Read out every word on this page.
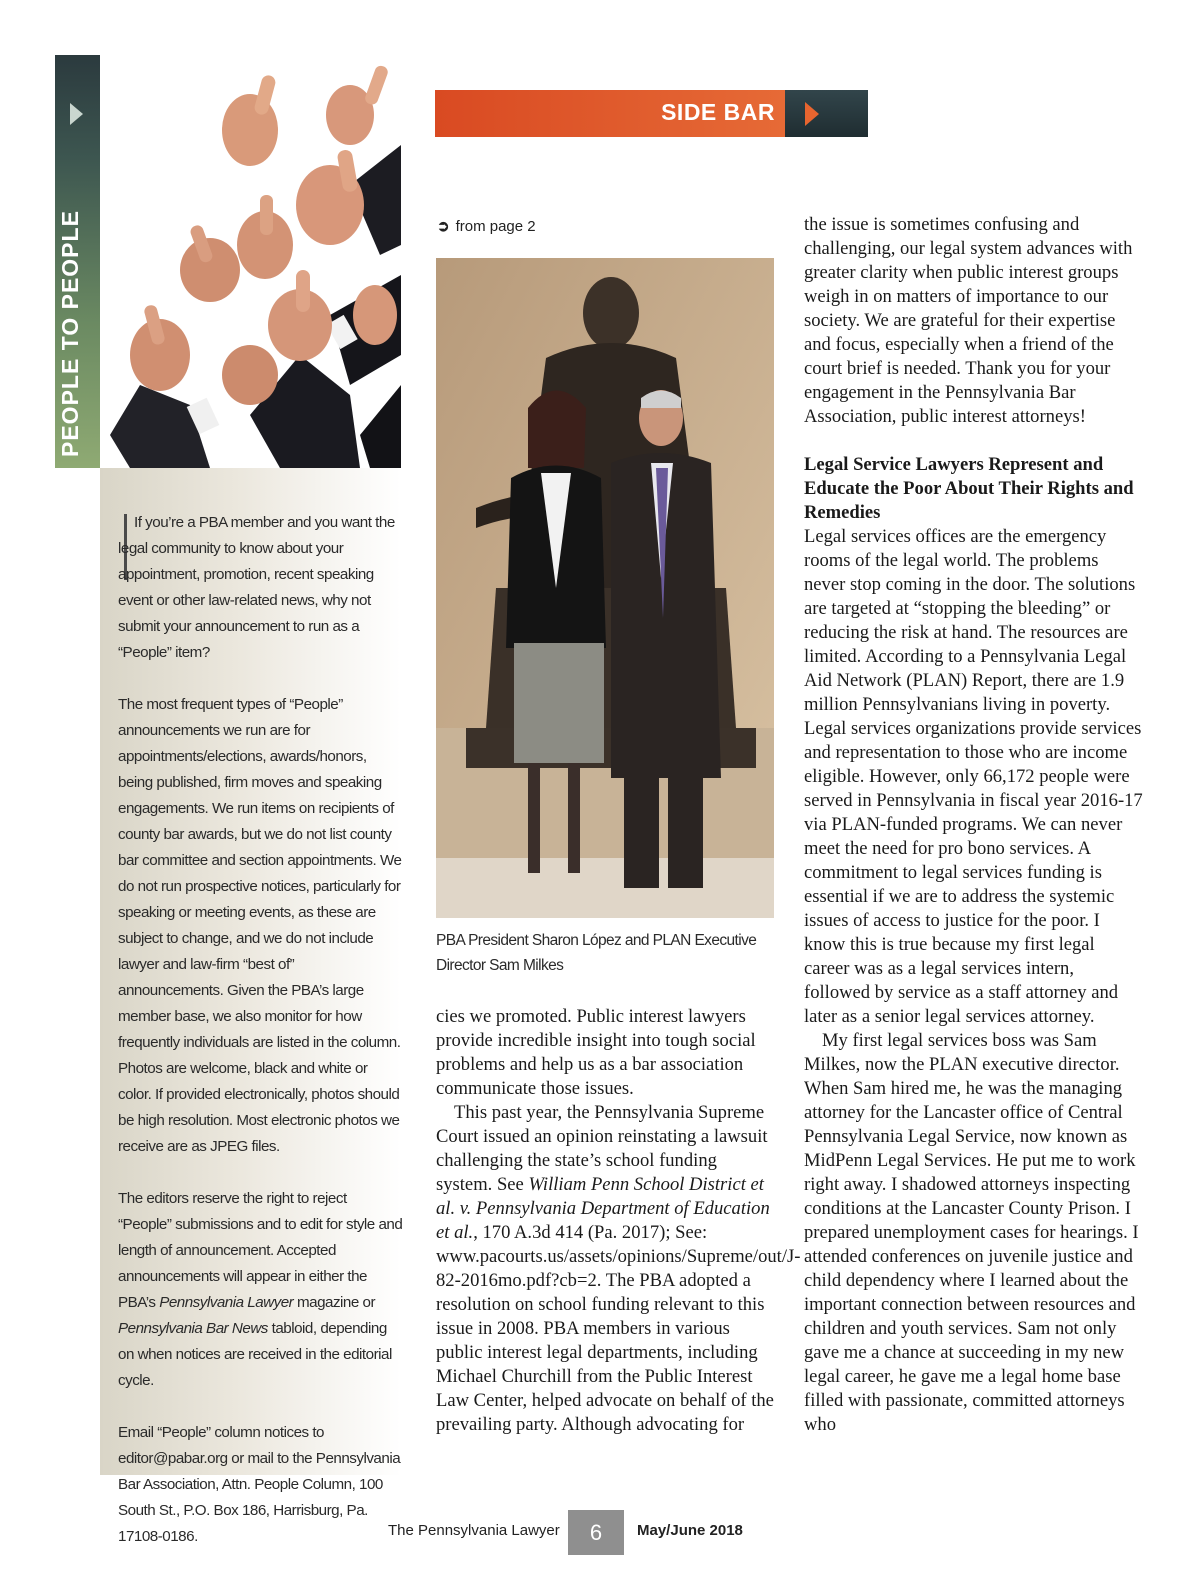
PEOPLE TO PEOPLE

If you’re a PBA member and you want the legal community to know about your appointment, promotion, recent speaking event or other law-related news, why not submit your announcement to run as a “People” item?

The most frequent types of “People” announcements we run are for appointments/elections, awards/honors, being published, firm moves and speaking engagements. We run items on recipients of county bar awards, but we do not list county bar committee and section appointments. We do not run prospective notices, particularly for speaking or meeting events, as these are subject to change, and we do not include lawyer and law-firm “best of” announcements. Given the PBA’s large member base, we also monitor for how frequently individuals are listed in the column. Photos are welcome, black and white or color. If provided electronically, photos should be high resolution. Most electronic photos we receive are as JPEG files.

The editors reserve the right to reject “People” submissions and to edit for style and length of announcement. Accepted announcements will appear in either the PBA’s Pennsylvania Lawyer magazine or Pennsylvania Bar News tabloid, depending on when notices are received in the editorial cycle.

Email “People” column notices to editor@pabar.org or mail to the Pennsylvania Bar Association, Attn. People Column, 100 South St., P.O. Box 186, Harrisburg, Pa. 17108-0186.

SIDE BAR
➲ from page 2
PBA President Sharon López and PLAN Executive Director Sam Milkes

cies we promoted. Public interest lawyers provide incredible insight into tough social problems and help us as a bar association communicate those issues.

This past year, the Pennsylvania Supreme Court issued an opinion reinstating a lawsuit challenging the state’s school funding system. See William Penn School District et al. v. Pennsylvania Department of Education et al., 170 A.3d 414 (Pa. 2017); See: www.pacourts.us/assets/opinions/Supreme/out/J-82-2016mo.pdf?cb=2. The PBA adopted a resolution on school funding relevant to this issue in 2008. PBA members in various public interest legal departments, including Michael Churchill from the Public Interest Law Center, helped advocate on behalf of the prevailing party. Although advocating for

the issue is sometimes confusing and challenging, our legal system advances with greater clarity when public interest groups weigh in on matters of importance to our society. We are grateful for their expertise and focus, especially when a friend of the court brief is needed. Thank you for your engagement in the Pennsylvania Bar Association, public interest attorneys!

Legal Service Lawyers Represent and Educate the Poor About Their Rights and Remedies

Legal services offices are the emergency rooms of the legal world. The problems never stop coming in the door. The solutions are targeted at “stopping the bleeding” or reducing the risk at hand. The resources are limited. According to a Pennsylvania Legal Aid Network (PLAN) Report, there are 1.9 million Pennsylvanians living in poverty. Legal services organizations provide services and representation to those who are income eligible. However, only 66,172 people were served in Pennsylvania in fiscal year 2016-17 via PLAN-funded programs. We can never meet the need for pro bono services. A commitment to legal services funding is essential if we are to address the systemic issues of access to justice for the poor. I know this is true because my first legal career was as a legal services intern, followed by service as a staff attorney and later as a senior legal services attorney.

My first legal services boss was Sam Milkes, now the PLAN executive director. When Sam hired me, he was the managing attorney for the Lancaster office of Central Pennsylvania Legal Service, now known as MidPenn Legal Services. He put me to work right away. I shadowed attorneys inspecting conditions at the Lancaster County Prison. I prepared unemployment cases for hearings. I attended conferences on juvenile justice and child dependency where I learned about the important connection between resources and children and youth services. Sam not only gave me a chance at succeeding in my new legal career, he gave me a legal home base filled with passionate, committed attorneys who

The Pennsylvania Lawyer	6	May/June 2018
